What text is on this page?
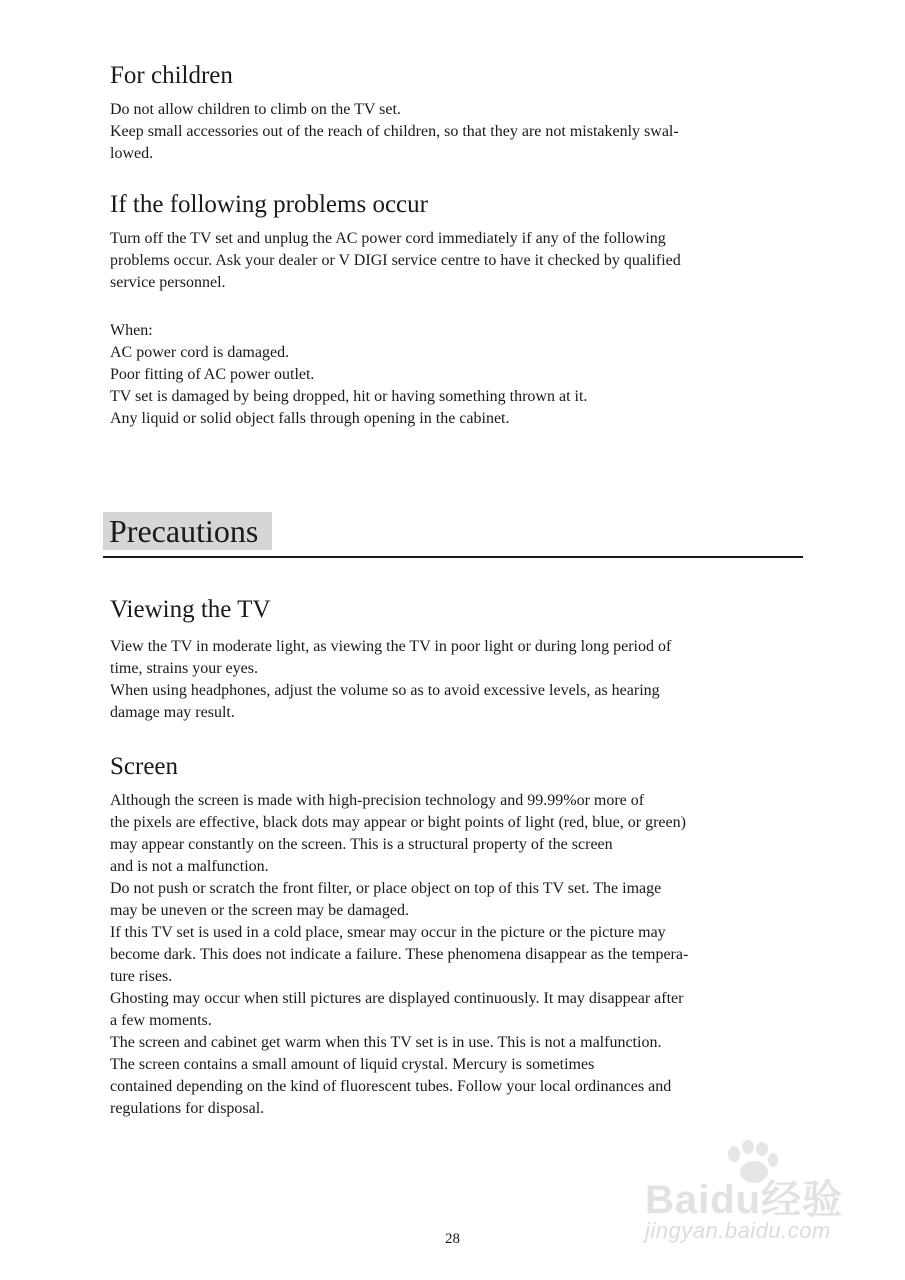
For children
Do not allow children to climb on the TV set.
Keep small accessories out of the reach of children, so that they are not mistakenly swal-
lowed.
If the following problems occur
Turn off the TV set and unplug the AC power cord immediately if any of the following
problems occur. Ask your dealer or V DIGI service centre to have it checked by qualified
service personnel.
When:
AC power cord is damaged.
Poor fitting of AC power outlet.
TV set is damaged by being dropped, hit or having something thrown at it.
Any liquid or solid object falls through opening in the cabinet.
Precautions
Viewing the TV
View the TV in moderate light, as viewing the TV in poor light or during long period of
time, strains your eyes.
When using headphones, adjust the volume so as to avoid excessive levels, as hearing
damage may result.
Screen
Although the screen is made with high-precision technology and 99.99%or more of
the pixels are effective, black dots may appear or bight points of light (red, blue, or green)
may appear constantly on the screen. This is a structural property of the screen
and is not a malfunction.
Do not push or scratch the front filter, or place object on top of this TV set. The image
may be uneven or the screen may be damaged.
If this TV set is used in a cold place, smear may occur in the picture or the picture may
become dark. This does not indicate a failure. These phenomena disappear as the tempera-
ture rises.
Ghosting may occur when still pictures are displayed continuously. It may disappear after
a few moments.
The screen and cabinet get warm when this TV set is in use. This is not a malfunction.
The screen contains a small amount of liquid crystal. Mercury is sometimes
contained depending on the kind of fluorescent tubes. Follow your local ordinances and
regulations for disposal.
Baidu经验
jingyan.baidu.com
28
